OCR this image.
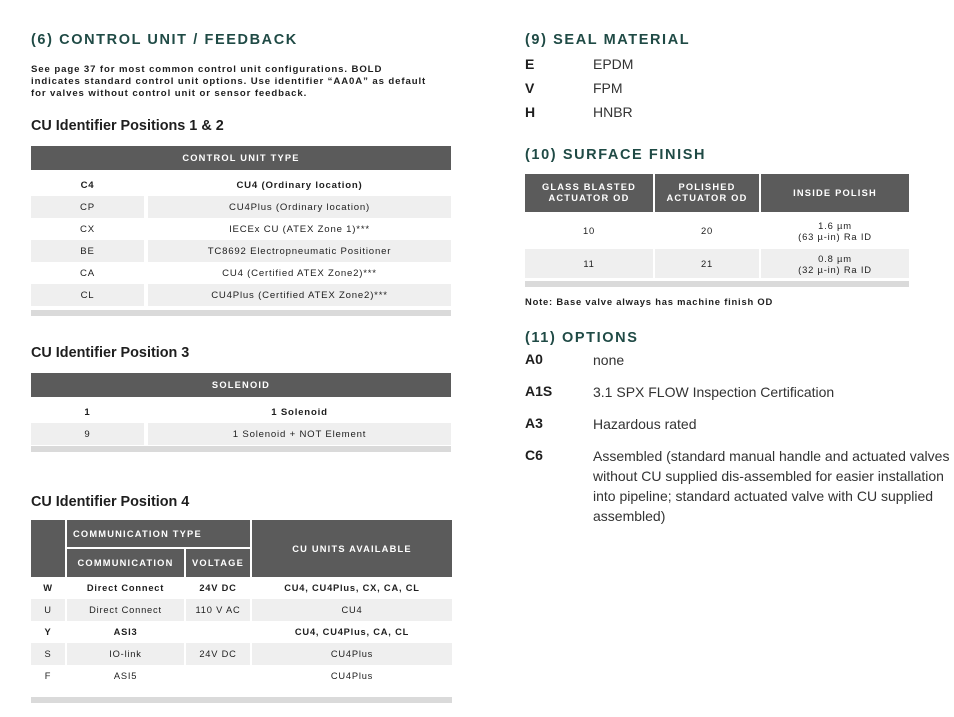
(6) CONTROL UNIT / FEEDBACK

See page 37 for most common control unit configurations. BOLD indicates standard control unit options. Use identifier “AA0A” as default for valves without control unit or sensor feedback.

CU Identifier Positions 1 & 2
CONTROL UNIT TYPE	

C4	CU4 (Ordinary location)
CP	CU4Plus (Ordinary location)
CX	IECEx CU (ATEX Zone 1)***
BE	TC8692 Electropneumatic Positioner
CA	CU4 (Certified ATEX Zone2)***
CL	CU4Plus (Certified ATEX Zone2)***
CU Identifier Position 3
SOLENOID	

1	1 Solenoid
9	1 Solenoid + NOT Element
CU Identifier Position 4
	COMMUNICATION TYPE		CU UNITS AVAILABLE
	COMMUNICATION	VOLTAGE	
W	Direct Connect	24V DC	CU4, CU4Plus, CX, CA, CL
U	Direct Connect	110 V AC	CU4
Y	ASI3		CU4, CU4Plus, CA, CL
S	IO-link	24V DC	CU4Plus
F	ASI5		CU4Plus
(9) SEAL MATERIAL
E	EPDM
V	FPM
H	HNBR
(10) SURFACE FINISH
GLASS BLASTED ACTUATOR OD	POLISHED ACTUATOR OD	INSIDE POLISH

10	20	1.6 µm
(63 µ-in) Ra ID

11	21	0.8 µm
(32 µ-in) Ra ID

Note: Base valve always has machine finish OD

(11) OPTIONS
A0	none
A1S	3.1 SPX FLOW Inspection Certification
A3	Hazardous rated
C6	Assembled (standard manual handle and actuated valves without CU supplied dis-assembled for easier installation into pipeline; standard actuated valve with CU supplied assembled)
